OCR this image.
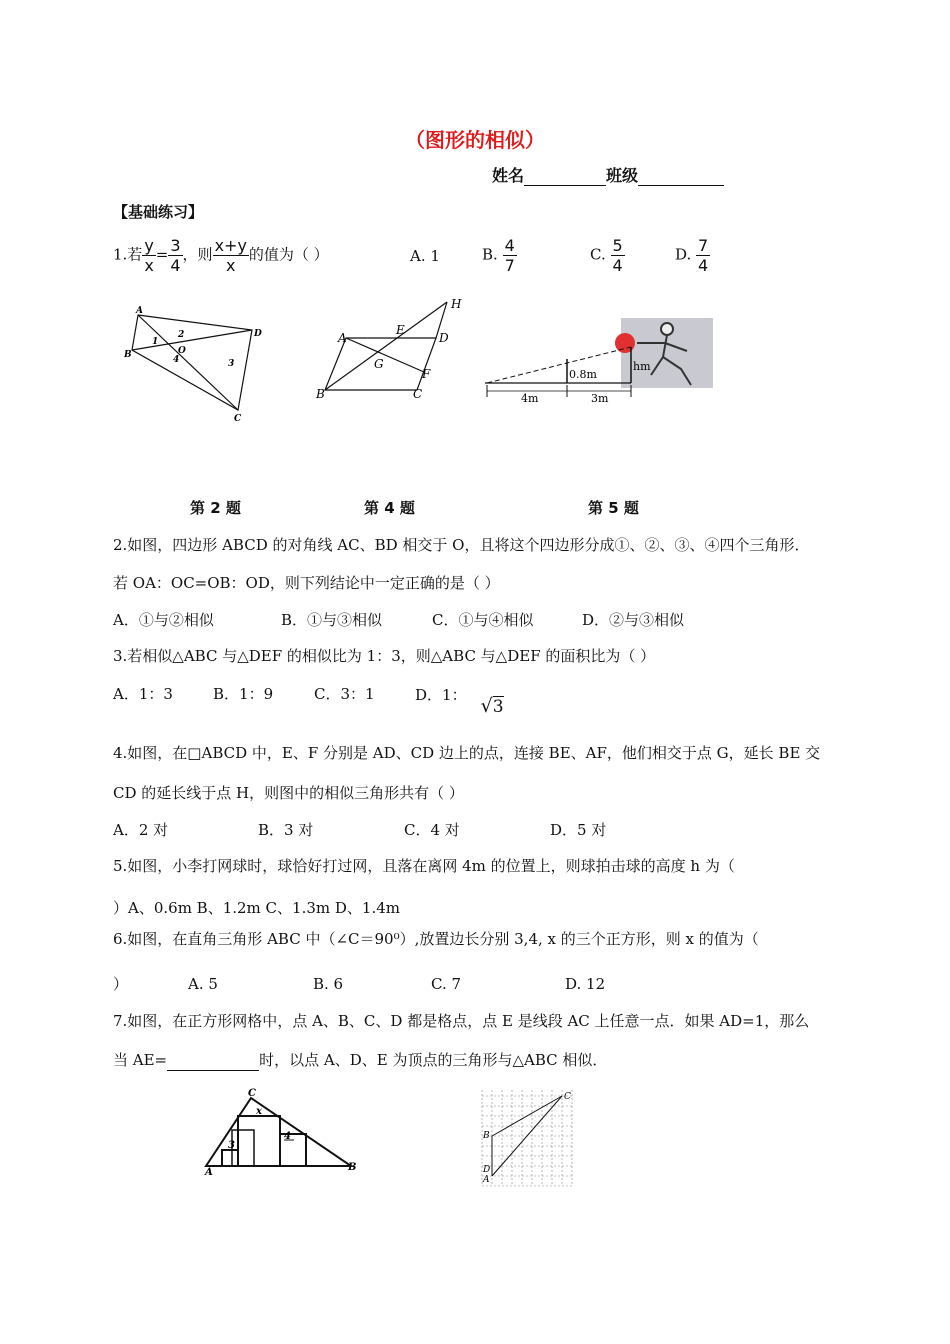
（图形的相似）
姓名	班级
【基础练习】
1.若 $\frac{y}{x} = \frac{3}{4}$ ，则 $\frac{x+y}{x}$ 的值为（ ）	A. 1	B. $\frac{4}{7}$	C. $\frac{5}{4}$	D. $\frac{7}{4}$
A
B
C
D
O
1
2
3
4
A
B	C
D
E
F
G
H
0.8m
hm
4m	3m
第 2 题	第 4 题	第 5 题
2.如图，四边形 ABCD 的对角线 AC、BD 相交于 O，且将这个四边形分成①、②、③、④四个三角形．
若 OA：OC=OB：OD，则下列结论中一定正确的是（ ）
A．①与②相似	B．①与③相似	C．①与④相似	D．②与③相似
3.若相似△ABC 与△DEF 的相似比为 1：3，则△ABC 与△DEF 的面积比为（ ）
A．1：3	B．1：9	C．3：1	D．1： √3
4.如图，在□ABCD 中，E、F 分别是 AD、CD 边上的点，连接 BE、AF，他们相交于点 G，延长 BE 交
CD 的延长线于点 H，则图中的相似三角形共有（ ）
A．2 对	B．3 对	C．4 对	D．5 对
5.如图，小李打网球时，球恰好打过网，且落在离网 4m 的位置上，则球拍击球的高度 h 为（
）A、0.6m B、1.2m C、1.3m D、1.4m
6.如图，在直角三角形 ABC 中（∠C＝90⁰）,放置边长分别 3,4, x 的三个正方形，则 x 的值为（
）	A. 5	B. 6	C. 7	D. 12
7.如图，在正方形网格中，点 A、B、C、D 都是格点，点 E 是线段 AC 上任意一点．如果 AD=1，那么
当 AE=	时，以点 A、D、E 为顶点的三角形与△ABC 相似．
A	B
C
3
4
x
C
B
D
A
